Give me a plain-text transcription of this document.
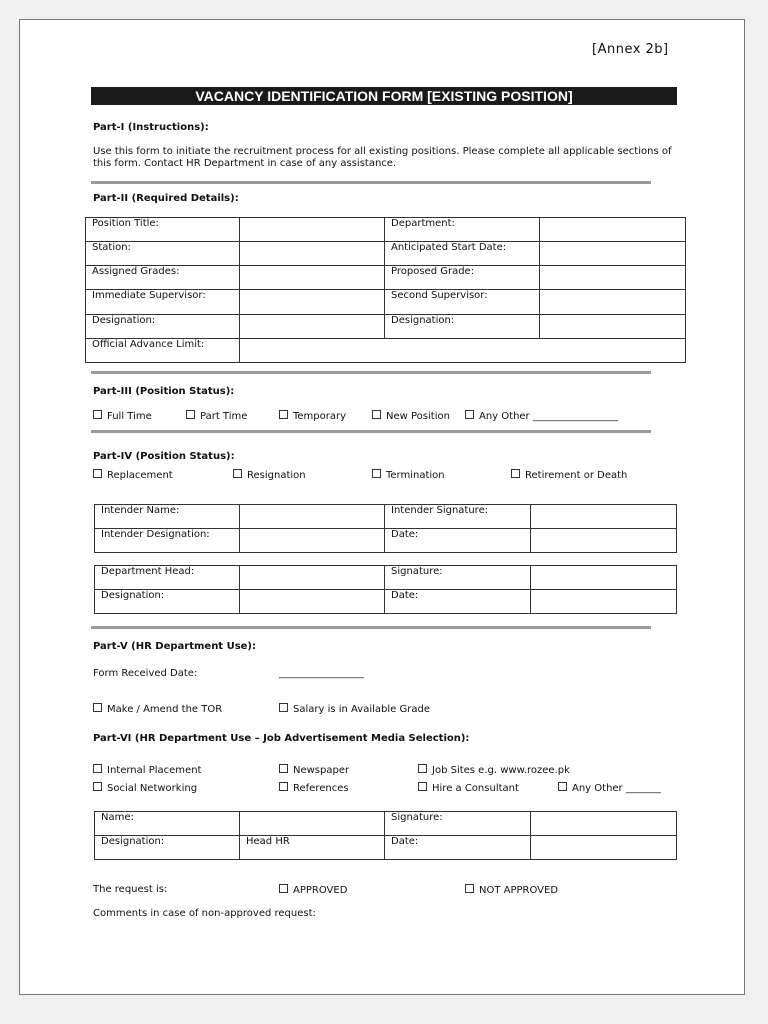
[Annex 2b]
VACANCY IDENTIFICATION FORM [EXISTING POSITION]
Part-I (Instructions):
Use this form to initiate the recruitment process for all existing positions. Please complete all applicable sections of this form. Contact HR Department in case of any assistance.
Part-II (Required Details):
Position Title:		Department:	
Station:		Anticipated Start Date:	
Assigned Grades:		Proposed Grade:	
Immediate Supervisor:		Second Supervisor:	
Designation:		Designation:	
Official Advance Limit:			
Part-III (Position Status):
Full Time	Part Time	Temporary	New Position	Any Other _________________
Part-IV (Position Status):
Replacement	Resignation	Termination	Retirement or Death
Intender Name:		Intender Signature:	
Intender Designation:		Date:	
Department Head:		Signature:	
Designation:		Date:	
Part-V (HR Department Use):
Form Received Date:	_________________
Make / Amend the TOR	Salary is in Available Grade
Part-VI (HR Department Use – Job Advertisement Media Selection):
Internal Placement	Newspaper	Job Sites e.g. www.rozee.pk
Social Networking	References	Hire a Consultant	Any Other _______
Name:		Signature:	
Designation:	Head HR	Date:	
The request is:	APPROVED	NOT APPROVED
Comments in case of non-approved request:
